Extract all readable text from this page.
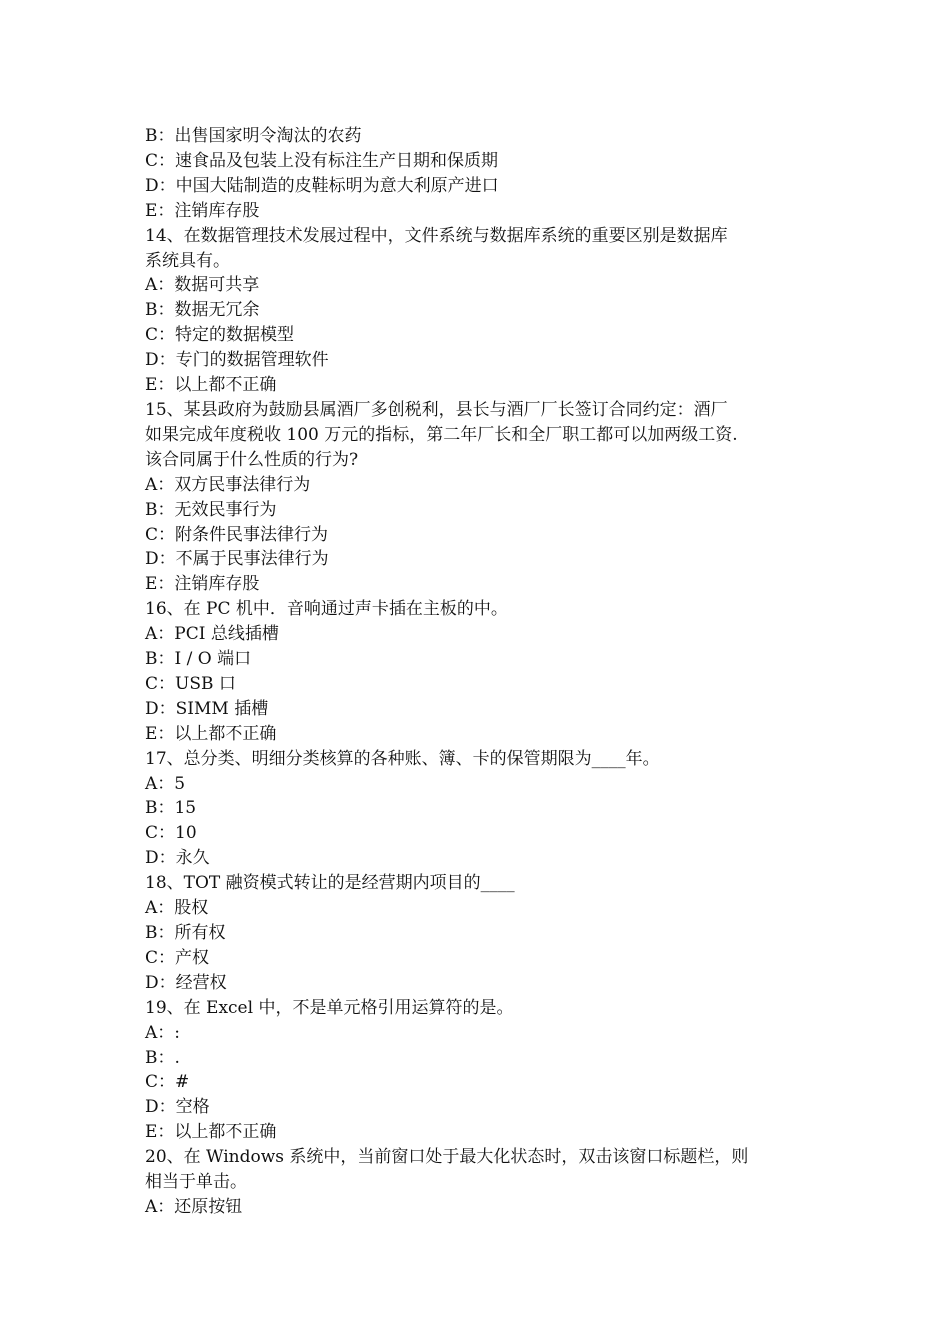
B：出售国家明令淘汰的农药
C：速食品及包装上没有标注生产日期和保质期
D：中国大陆制造的皮鞋标明为意大利原产进口
E：注销库存股
14、在数据管理技术发展过程中，文件系统与数据库系统的重要区别是数据库
系统具有。
A：数据可共享
B：数据无冗余
C：特定的数据模型
D：专门的数据管理软件
E：以上都不正确
15、某县政府为鼓励县属酒厂多创税利，县长与酒厂厂长签订合同约定：酒厂
如果完成年度税收 100 万元的指标，第二年厂长和全厂职工都可以加两级工资.
该合同属于什么性质的行为?
A：双方民事法律行为
B：无效民事行为
C：附条件民事法律行为
D：不属于民事法律行为
E：注销库存股
16、在 PC 机中．音响通过声卡插在主板的中。
A：PCI 总线插槽
B：I / O 端口
C：USB 口
D：SIMM 插槽
E：以上都不正确
17、总分类、明细分类核算的各种账、簿、卡的保管期限为____年。
A：5
B：15
C：10
D：永久
18、TOT 融资模式转让的是经营期内项目的____
A：股权
B：所有权
C：产权
D：经营权
19、在 Excel 中，不是单元格引用运算符的是。
A：:
B：.
C：#
D：空格
E：以上都不正确
20、在 Windows 系统中，当前窗口处于最大化状态时，双击该窗口标题栏，则
相当于单击。
A：还原按钮
